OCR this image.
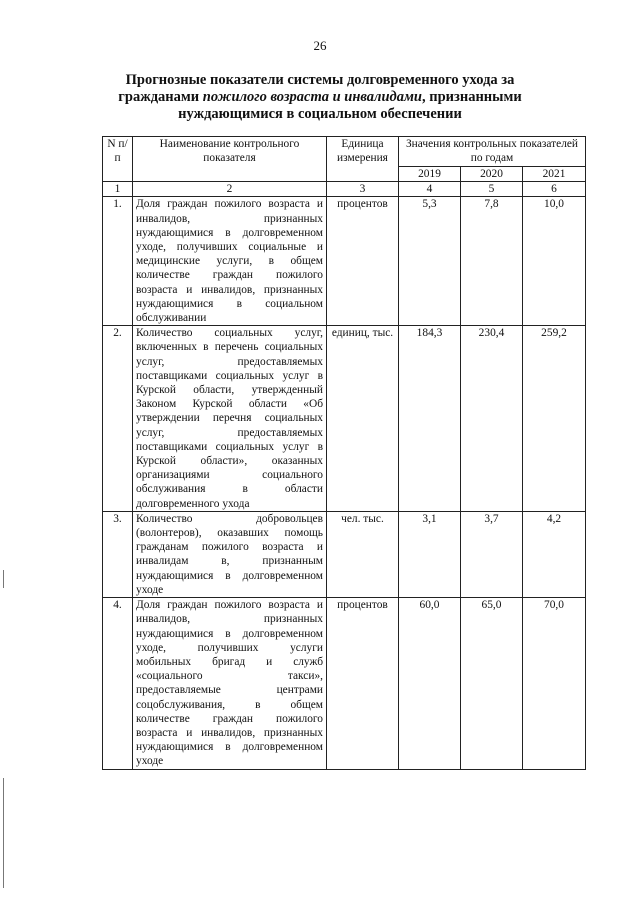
26
Прогнозные показатели системы долговременного ухода за гражданами пожилого возраста и инвалидами, признанными нуждающимися в социальном обеспечении
N п/п	Наименование контрольного показателя	Единица измерения	Значения контрольных показателей по годам		
			2019	2020	2021
1	2	3	4	5	6
1.	Доля граждан пожилого возраста и инвалидов, признанных нуждающимися в долговременном уходе, получивших социальные и медицинские услуги, в общем количестве граждан пожилого возраста и инвалидов, признанных нуждающимися в социальном обслуживании	процентов	5,3	7,8	10,0
2.	Количество социальных услуг, включенных в перечень социальных услуг, предоставляемых поставщиками социальных услуг в Курской области, утвержденный Законом Курской области «Об утверждении перечня социальных услуг, предоставляемых поставщиками социальных услуг в Курской области», оказанных организациями социального обслуживания в области долговременного ухода	единиц, тыс.	184,3	230,4	259,2
3.	Количество добровольцев (волонтеров), оказавших помощь гражданам пожилого возраста и инвалидам в, признанным нуждающимися в долговременном уходе	чел. тыс.	3,1	3,7	4,2
4.	Доля граждан пожилого возраста и инвалидов, признанных нуждающимися в долговременном уходе, получивших услуги мобильных бригад и служб «социального такси», предоставляемые центрами соцобслуживания, в общем количестве граждан пожилого возраста и инвалидов, признанных нуждающимися в долговременном уходе	процентов	60,0	65,0	70,0
